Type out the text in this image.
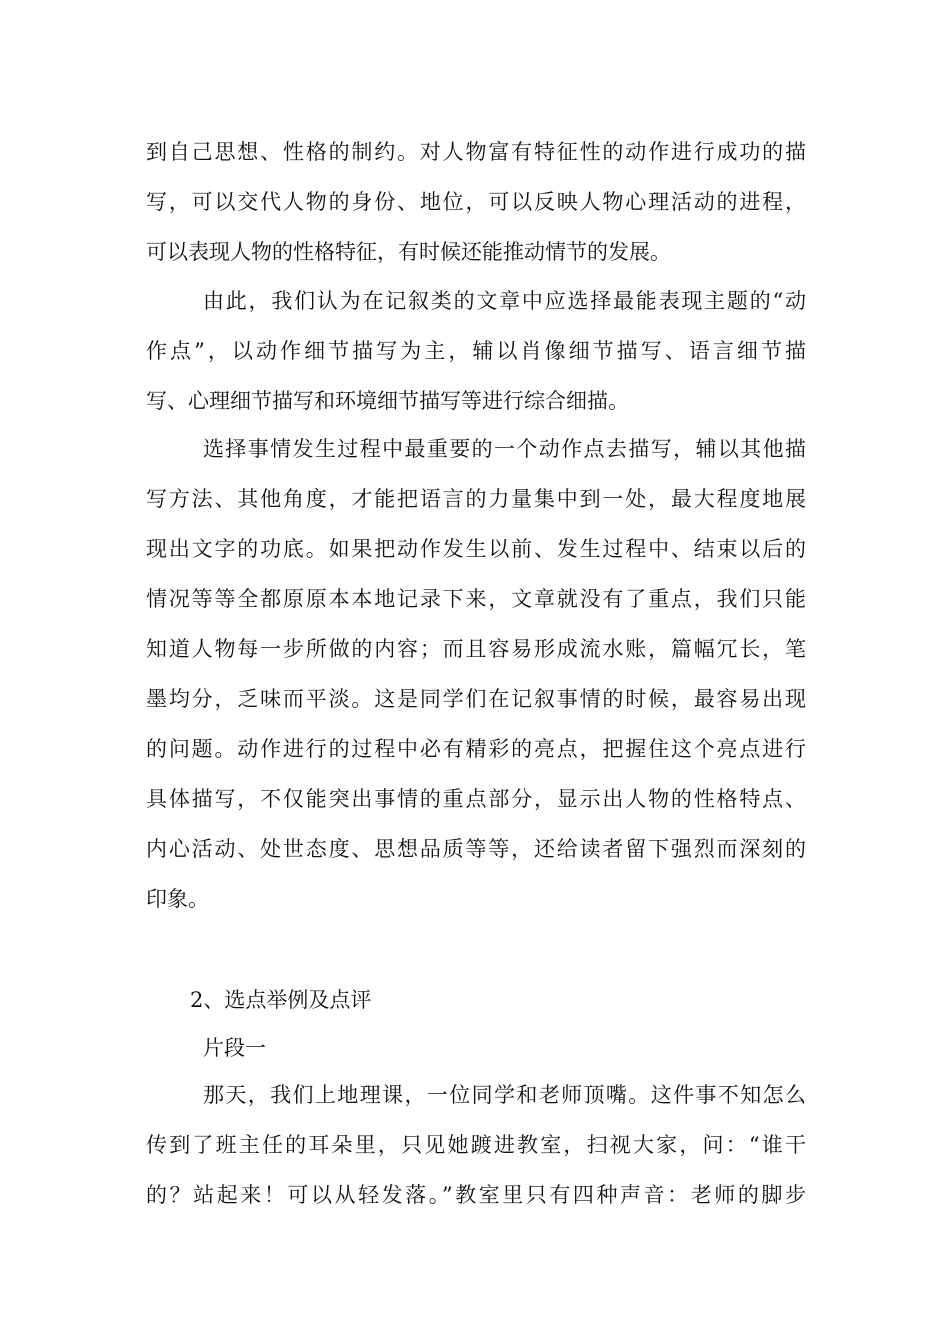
到自己思想、性格的制约。对人物富有特征性的动作进行成功的描
写，可以交代人物的身份、地位，可以反映人物心理活动的进程，
可以表现人物的性格特征，有时候还能推动情节的发展。
由此，我们认为在记叙类的文章中应选择最能表现主题的“动
作点”，以动作细节描写为主，辅以肖像细节描写、语言细节描
写、心理细节描写和环境细节描写等进行综合细描。
选择事情发生过程中最重要的一个动作点去描写，辅以其他描
写方法、其他角度，才能把语言的力量集中到一处，最大程度地展
现出文字的功底。如果把动作发生以前、发生过程中、结束以后的
情况等等全都原原本本地记录下来，文章就没有了重点，我们只能
知道人物每一步所做的内容；而且容易形成流水账，篇幅冗长，笔
墨均分，乏味而平淡。这是同学们在记叙事情的时候，最容易出现
的问题。动作进行的过程中必有精彩的亮点，把握住这个亮点进行
具体描写，不仅能突出事情的重点部分，显示出人物的性格特点、
内心活动、处世态度、思想品质等等，还给读者留下强烈而深刻的
印象。
2、选点举例及点评
片段一
那天，我们上地理课，一位同学和老师顶嘴。这件事不知怎么
传到了班主任的耳朵里，只见她踱进教室，扫视大家，问：“谁干
的？站起来！可以从轻发落。”教室里只有四种声音：老师的脚步
